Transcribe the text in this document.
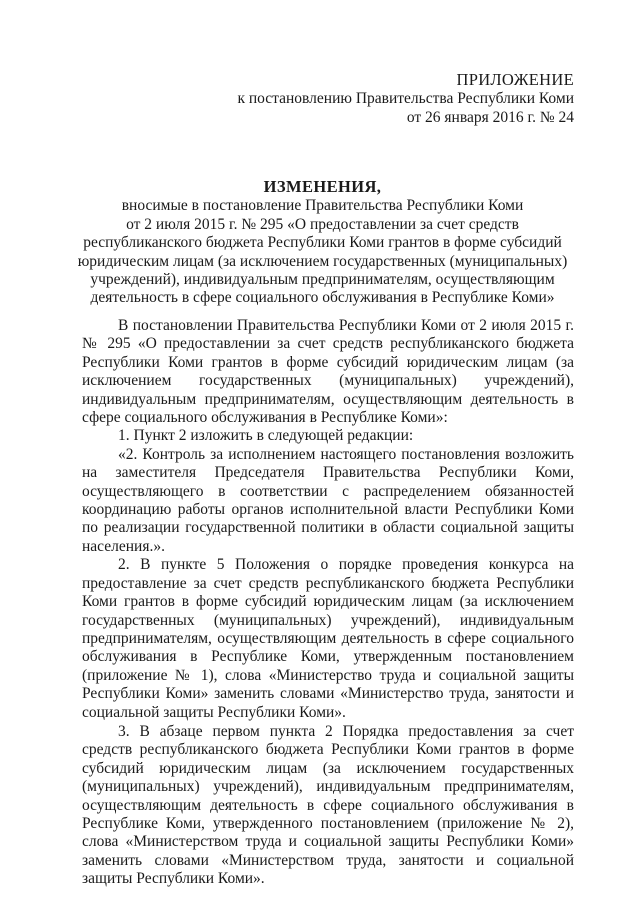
ПРИЛОЖЕНИЕ
к постановлению Правительства Республики Коми
от 26 января 2016 г. № 24
ИЗМЕНЕНИЯ,
вносимые в постановление Правительства Республики Коми
от 2 июля 2015 г. № 295 «О предоставлении за счет средств
республиканского бюджета Республики Коми грантов в форме субсидий
юридическим лицам (за исключением государственных (муниципальных)
учреждений), индивидуальным предпринимателям, осуществляющим
деятельность в сфере социального обслуживания в Республике Коми»

В постановлении Правительства Республики Коми от 2 июля 2015 г. № 295 «О предоставлении за счет средств республиканского бюджета Республики Коми грантов в форме субсидий юридическим лицам (за исключением государственных (муниципальных) учреждений), индивидуальным предпринимателям, осуществляющим деятельность в сфере социального обслуживания в Республике Коми»:

1. Пункт 2 изложить в следующей редакции:

«2. Контроль за исполнением настоящего постановления возложить на заместителя Председателя Правительства Республики Коми, осуществляющего в соответствии с распределением обязанностей координацию работы органов исполнительной власти Республики Коми по реализации государственной политики в области социальной защиты населения.».

2. В пункте 5 Положения о порядке проведения конкурса на предоставление за счет средств республиканского бюджета Республики Коми грантов в форме субсидий юридическим лицам (за исключением государственных (муниципальных) учреждений), индивидуальным предпринимателям, осуществляющим деятельность в сфере социального обслуживания в Республике Коми, утвержденным постановлением (приложение № 1), слова «Министерство труда и социальной защиты Республики Коми» заменить словами «Министерство труда, занятости и социальной защиты Республики Коми».

3. В абзаце первом пункта 2 Порядка предоставления за счет средств республиканского бюджета Республики Коми грантов в форме субсидий юридическим лицам (за исключением государственных (муниципальных) учреждений), индивидуальным предпринимателям, осуществляющим деятельность в сфере социального обслуживания в Республике Коми, утвержденного постановлением (приложение № 2), слова «Министерством труда и социальной защиты Республики Коми» заменить словами «Министерством труда, занятости и социальной защиты Республики Коми».
